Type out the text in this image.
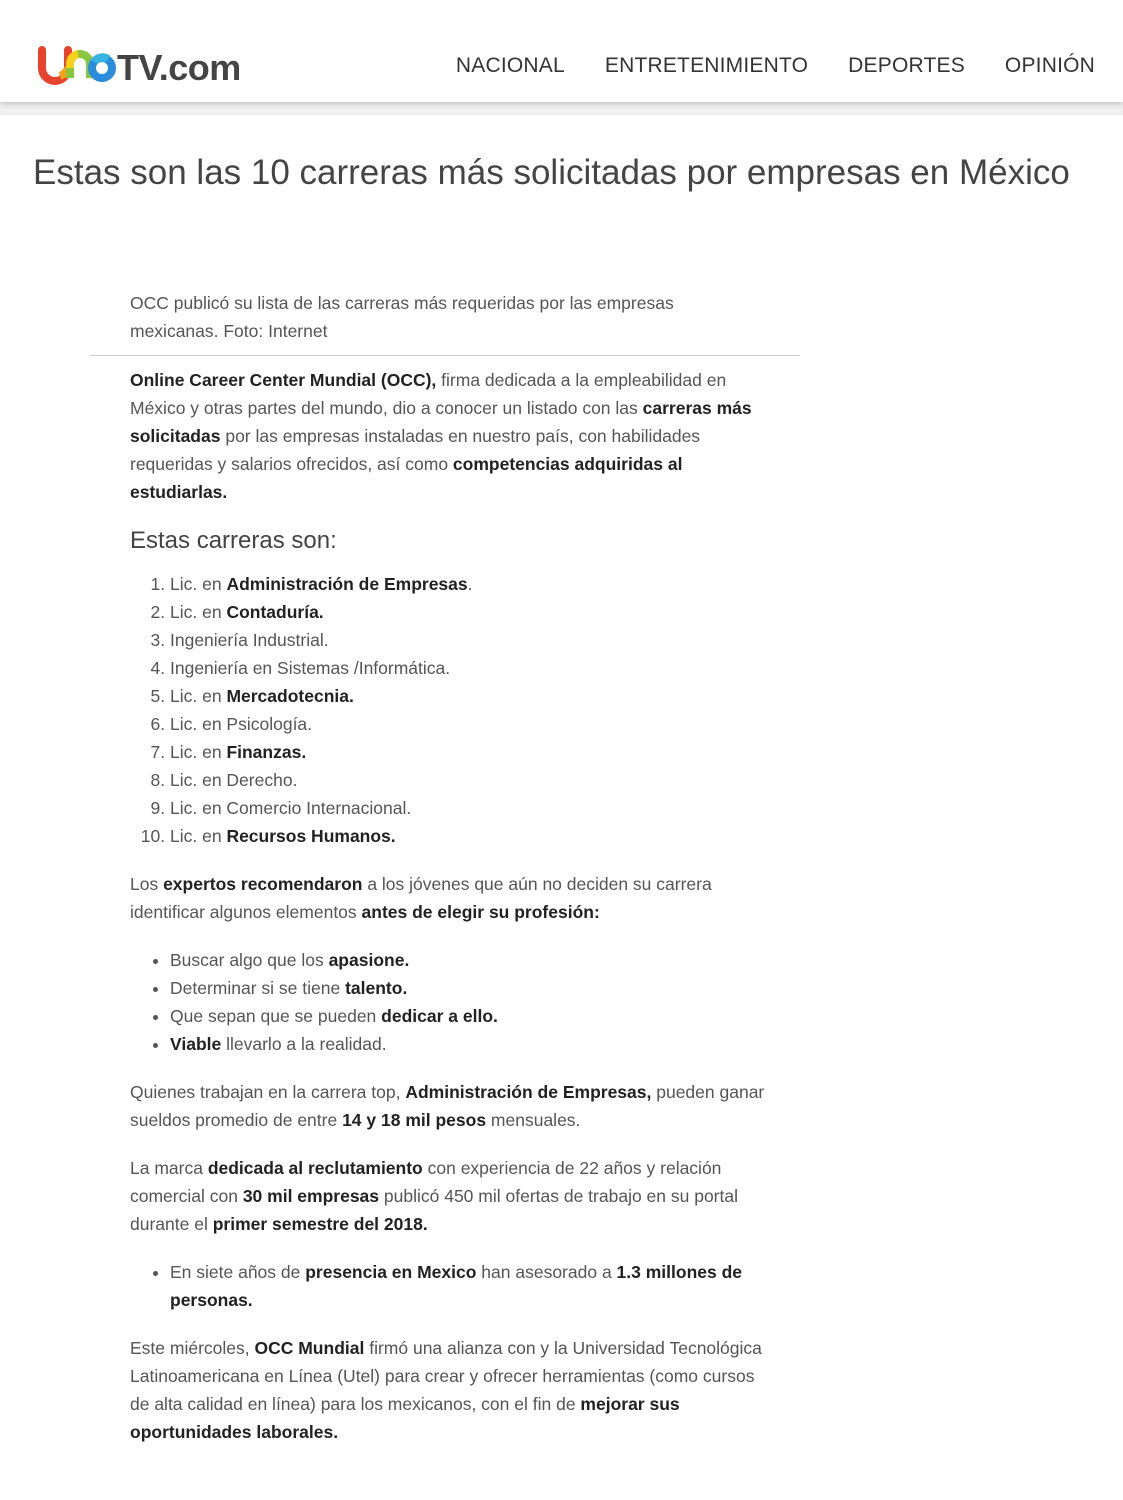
TV.com	NACIONAL ENTRETENIMIENTO DEPORTES OPINIÓN
Estas son las 10 carreras más solicitadas por empresas en México
OCC publicó su lista de las carreras más requeridas por las empresas mexicanas. Foto: Internet

Online Career Center Mundial (OCC), firma dedicada a la empleabilidad en México y otras partes del mundo, dio a conocer un listado con las carreras más solicitadas por las empresas instaladas en nuestro país, con habilidades requeridas y salarios ofrecidos, así como competencias adquiridas al estudiarlas.

Estas carreras son:
1. Lic. en Administración de Empresas.
2. Lic. en Contaduría.
3. Ingeniería Industrial.
4. Ingeniería en Sistemas /Informática.
5. Lic. en Mercadotecnia.
6. Lic. en Psicología.
7. Lic. en Finanzas.
8. Lic. en Derecho.
9. Lic. en Comercio Internacional.
10. Lic. en Recursos Humanos.

Los expertos recomendaron a los jóvenes que aún no deciden su carrera identificar algunos elementos antes de elegir su profesión:

• Buscar algo que los apasione.
• Determinar si se tiene talento.
• Que sepan que se pueden dedicar a ello.
• Viable llevarlo a la realidad.

Quienes trabajan en la carrera top, Administración de Empresas, pueden ganar sueldos promedio de entre 14 y 18 mil pesos mensuales.

La marca dedicada al reclutamiento con experiencia de 22 años y relación comercial con 30 mil empresas publicó 450 mil ofertas de trabajo en su portal durante el primer semestre del 2018.

• En siete años de presencia en Mexico han asesorado a 1.3 millones de personas.

Este miércoles, OCC Mundial firmó una alianza con y la Universidad Tecnológica Latinoamericana en Línea (Utel) para crear y ofrecer herramientas (como cursos de alta calidad en línea) para los mexicanos, con el fin de mejorar sus oportunidades laborales.
